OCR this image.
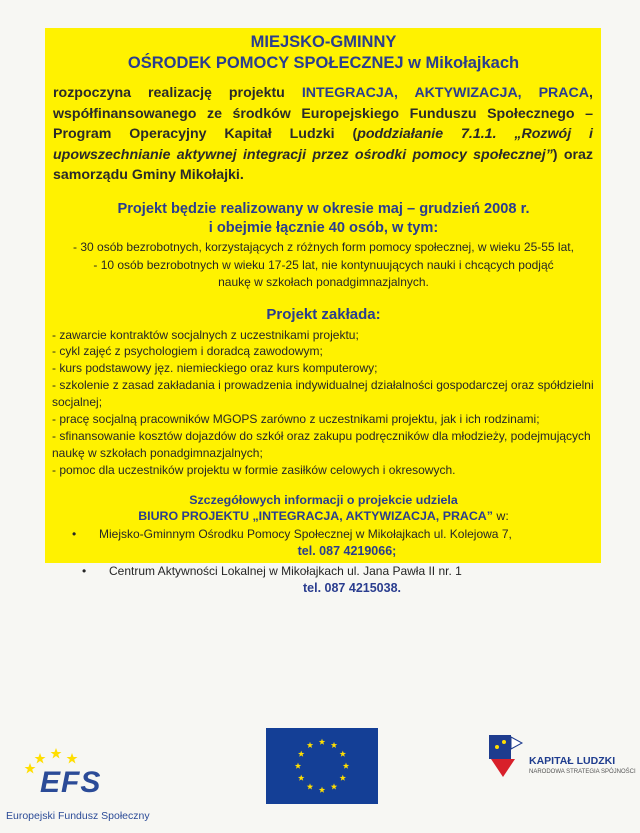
MIEJSKO-GMINNY
OŚRODEK POMOCY SPOŁECZNEJ w Mikołajkach
rozpoczyna realizację projektu INTEGRACJA, AKTYWIZACJA, PRACA, współfinansowanego ze środków Europejskiego Funduszu Społecznego – Program Operacyjny Kapitał Ludzki (poddziałanie 7.1.1. „Rozwój i upowszechnianie aktywnej integracji przez ośrodki pomocy społecznej”) oraz samorządu Gminy Mikołajki.
Projekt będzie realizowany w okresie maj – grudzień 2008 r.
i obejmie łącznie 40 osób, w tym:
- 30 osób bezrobotnych, korzystających z różnych form pomocy społecznej, w wieku 25-55 lat,
- 10 osób bezrobotnych w wieku 17-25 lat, nie kontynuujących nauki i chcących podjąć naukę w szkołach ponadgimnazjalnych.
Projekt zakłada:
- zawarcie kontraktów socjalnych z uczestnikami projektu;
- cykl zajęć z psychologiem i doradcą zawodowym;
- kurs podstawowy jęz. niemieckiego oraz kurs komputerowy;
- szkolenie z zasad zakładania i prowadzenia indywidualnej działalności gospodarczej oraz spółdzielni socjalnej;
- pracę socjalną pracowników MGOPS zarówno z uczestnikami projektu, jak i ich rodzinami;
- sfinansowanie kosztów dojazdów do szkół oraz zakupu podręczników dla młodzieży, podejmujących naukę w szkołach ponadgimnazjalnych;
- pomoc dla uczestników projektu w formie zasiłków celowych i okresowych.
Szczegółowych informacji o projekcie udziela
BIURO PROJEKTU „INTEGRACJA, AKTYWIZACJA, PRACA” w:
• Miejsko-Gminnym Ośrodku Pomocy Społecznej w Mikołajkach ul. Kolejowa 7,
tel. 087 4219066;
• Centrum Aktywności Lokalnej w Mikołajkach ul. Jana Pawła II nr. 1
tel. 087 4215038.
EFS
Europejski Fundusz Społeczny
KAPITAŁ LUDZKI
NARODOWA STRATEGIA SPÓJNOŚCI
